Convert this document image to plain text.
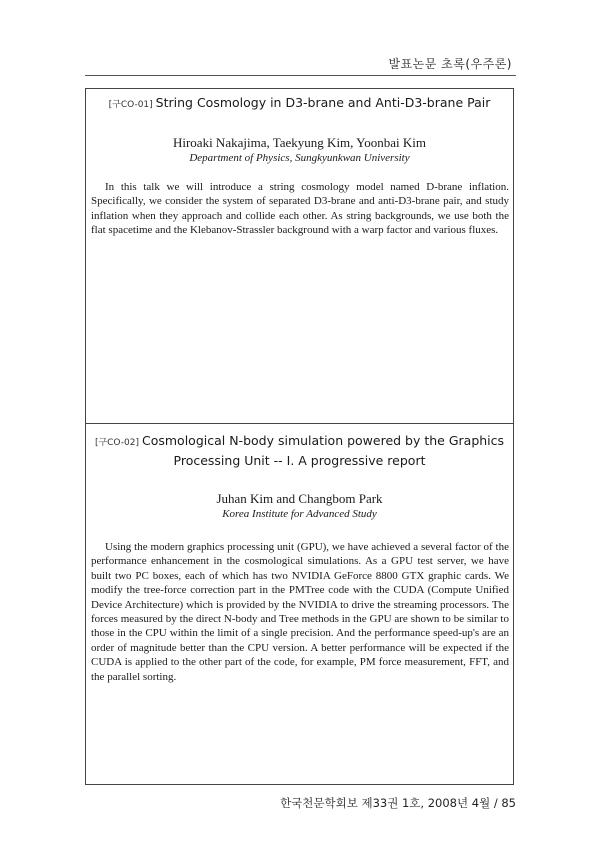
발표논문 초록(우주론)
[구CO-01] String Cosmology in D3-brane and Anti-D3-brane Pair
Hiroaki Nakajima, Taekyung Kim, Yoonbai Kim
Department of Physics, Sungkyunkwan University

In this talk we will introduce a string cosmology model named D-brane inflation. Specifically, we consider the system of separated D3-brane and anti-D3-brane pair, and study inflation when they approach and collide each other. As string backgrounds, we use both the flat spacetime and the Klebanov-Strassler background with a warp factor and various fluxes.

[구CO-02] Cosmological N-body simulation powered by the Graphics
Processing Unit -- I. A progressive report
Juhan Kim and Changbom Park
Korea Institute for Advanced Study

Using the modern graphics processing unit (GPU), we have achieved a several factor of the performance enhancement in the cosmological simulations. As a GPU test server, we have built two PC boxes, each of which has two NVIDIA GeForce 8800 GTX graphic cards. We modify the tree-force correction part in the PMTree code with the CUDA (Compute Unified Device Architecture) which is provided by the NVIDIA to drive the streaming processors. The forces measured by the direct N-body and Tree methods in the GPU are shown to be similar to those in the CPU within the limit of a single precision. And the performance speed-up's are an order of magnitude better than the CPU version. A better performance will be expected if the CUDA is applied to the other part of the code, for example, PM force measurement, FFT, and the parallel sorting.

한국천문학회보 제33권 1호, 2008년 4월 / 85
